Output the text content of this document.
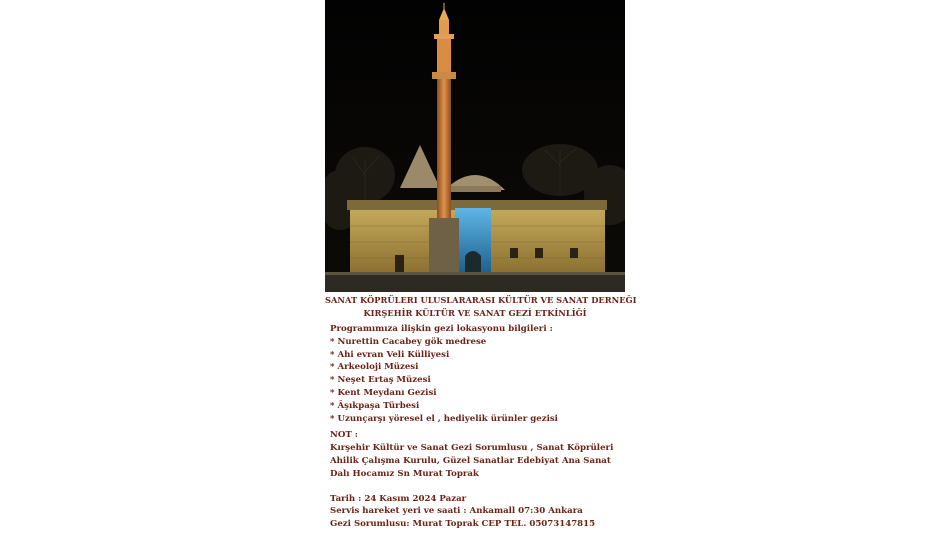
SANAT KÖPRÜLERI ULUSLARARASI KÜLTÜR VE SANAT DERNEĞI
KIRŞEHİR KÜLTÜR VE SANAT GEZİ ETKİNLİĞİ
Programımıza ilişkin gezi lokasyonu bilgileri :
* Nurettin Cacabey gök medrese
* Ahi evran Veli Külliyesi
* Arkeoloji Müzesi
* Neşet Ertaş Müzesi
* Kent Meydanı Gezisi
* Âşıkpaşa Türbesi
* Uzunçarşı yöresel el , hediyelik ürünler gezisi
NOT :
Kırşehir Kültür ve Sanat Gezi Sorumlusu , Sanat Köprüleri
Ahilik Çalışma Kurulu, Güzel Sanatlar Edebiyat Ana Sanat
Dalı Hocamız Sn Murat Toprak
Tarih : 24 Kasım 2024 Pazar
Servis hareket yeri ve saati : Ankamall 07:30 Ankara
Gezi Sorumlusu: Murat Toprak CEP TEL. 05073147815
